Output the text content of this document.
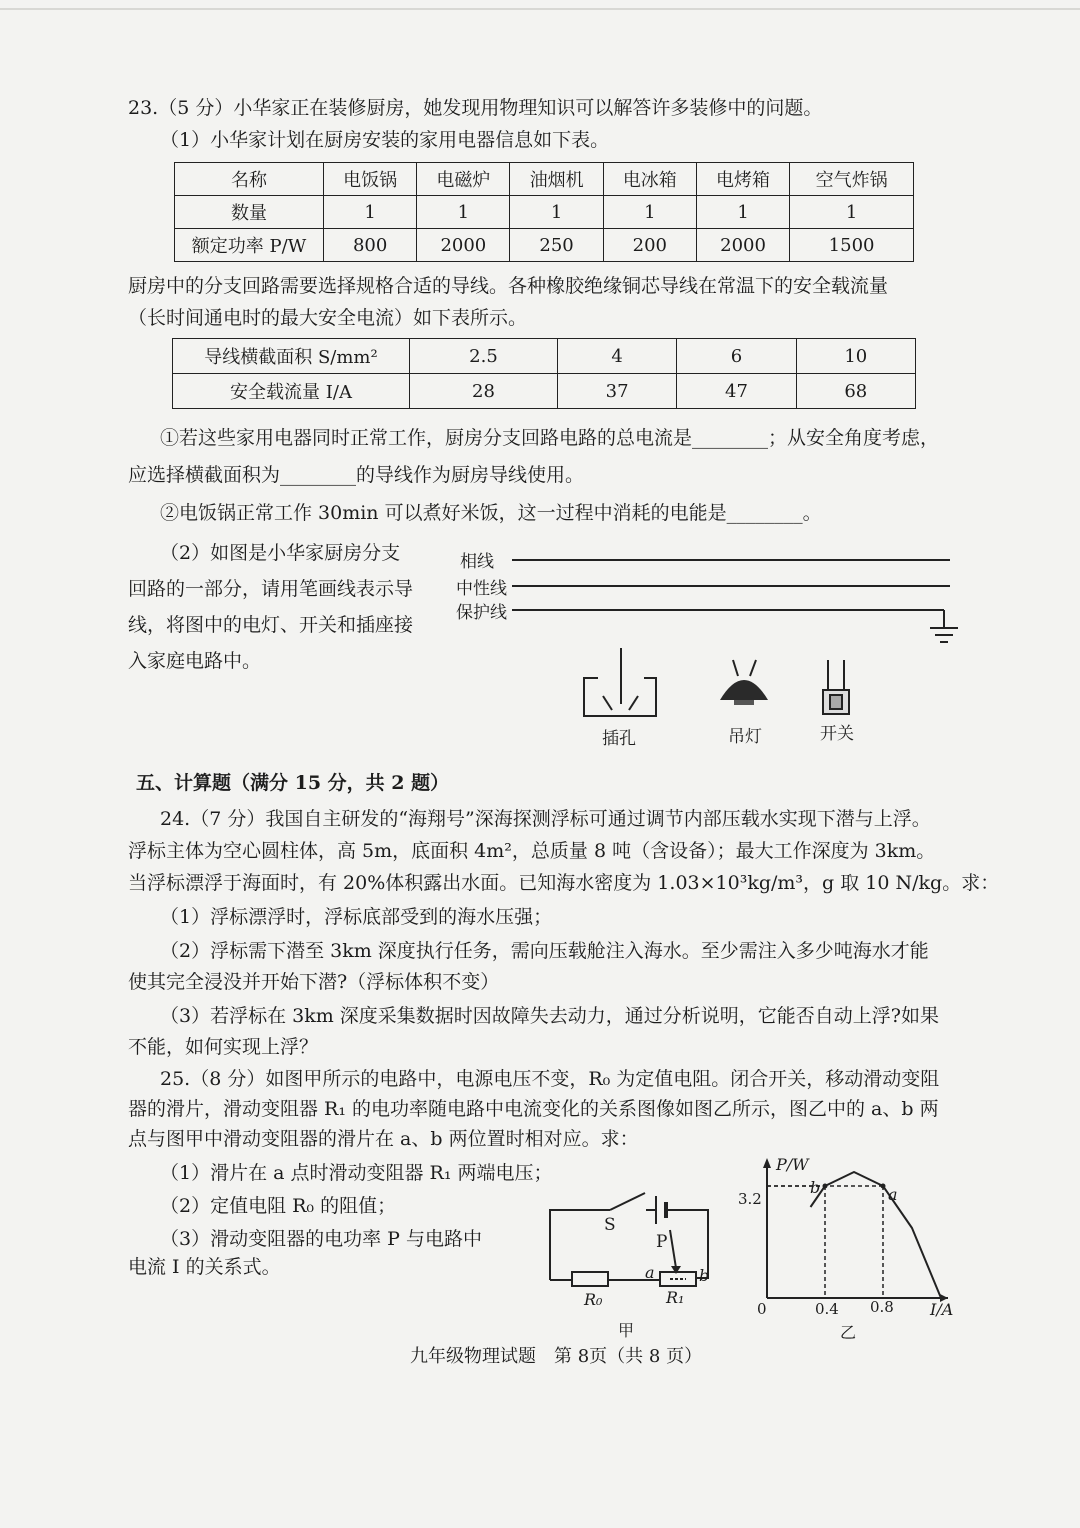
23.（5 分）小华家正在装修厨房，她发现用物理知识可以解答许多装修中的问题。
（1）小华家计划在厨房安装的家用电器信息如下表。
名称	电饭锅	电磁炉	油烟机	电冰箱	电烤箱	空气炸锅
数量	1	1	1	1	1	1
额定功率 P/W	800	2000	250	200	2000	1500
厨房中的分支回路需要选择规格合适的导线。各种橡胶绝缘铜芯导线在常温下的安全载流量
（长时间通电时的最大安全电流）如下表所示。
导线横截面积 S/mm²	2.5	4	6	10
安全载流量 I/A	28	37	47	68
①若这些家用电器同时正常工作，厨房分支回路电路的总电流是________；从安全角度考虑，
应选择横截面积为________的导线作为厨房导线使用。
②电饭锅正常工作 30min 可以煮好米饭，这一过程中消耗的电能是________。
（2）如图是小华家厨房分支
回路的一部分，请用笔画线表示导
线，将图中的电灯、开关和插座接
入家庭电路中。
相线
中性线
保护线
插孔	吊灯	开关
五、计算题（满分 15 分，共 2 题）
24.（7 分）我国自主研发的“海翔号”深海探测浮标可通过调节内部压载水实现下潜与上浮。
浮标主体为空心圆柱体，高 5m，底面积 4m²，总质量 8 吨（含设备）；最大工作深度为 3km。
当浮标漂浮于海面时，有 20%体积露出水面。已知海水密度为 1.03×10³kg/m³，g 取 10 N/kg。求：
（1）浮标漂浮时，浮标底部受到的海水压强；
（2）浮标需下潜至 3km 深度执行任务，需向压载舱注入海水。至少需注入多少吨海水才能
使其完全浸没并开始下潜?（浮标体积不变）
（3）若浮标在 3km 深度采集数据时因故障失去动力，通过分析说明，它能否自动上浮?如果
不能，如何实现上浮？
25.（8 分）如图甲所示的电路中，电源电压不变，R₀ 为定值电阻。闭合开关，移动滑动变阻
器的滑片，滑动变阻器 R₁ 的电功率随电路中电流变化的关系图像如图乙所示，图乙中的 a、b 两
点与图甲中滑动变阻器的滑片在 a、b 两位置时相对应。求：
（1）滑片在 a 点时滑动变阻器 R₁ 两端电压；
（2）定值电阻 R₀ 的阻值；
（3）滑动变阻器的电功率 P 与电路中
电流 I 的关系式。
S
P
a	b
R₀	R₁
甲
P/W
I/A
0
3.2
0.4 0.8
b	a
乙
九年级物理试题　第 8页（共 8 页）
